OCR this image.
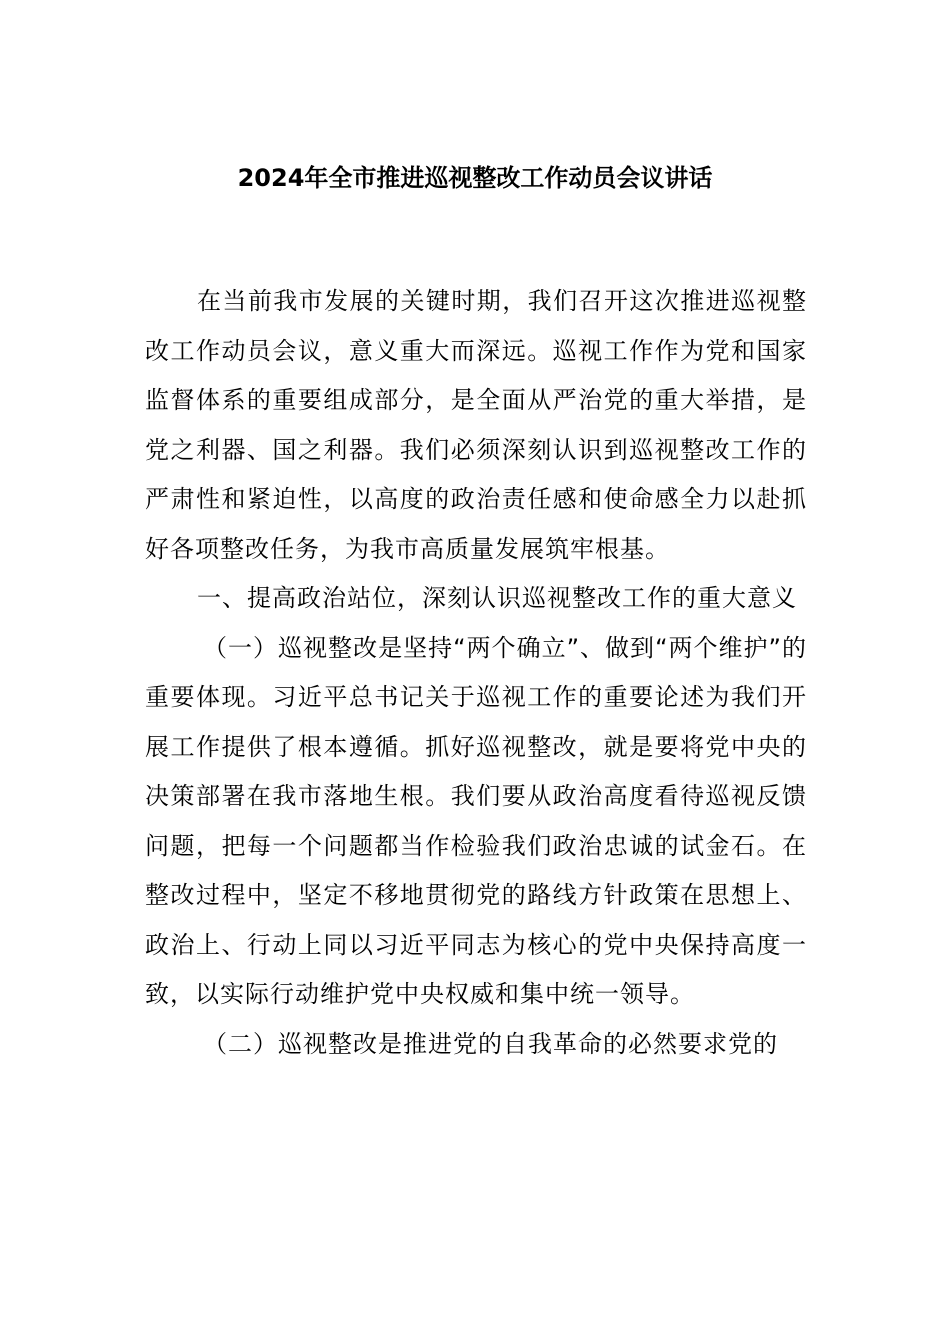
2024年全市推进巡视整改工作动员会议讲话

在当前我市发展的关键时期，我们召开这次推进巡视整改工作动员会议，意义重大而深远。巡视工作作为党和国家监督体系的重要组成部分，是全面从严治党的重大举措，是党之利器、国之利器。我们必须深刻认识到巡视整改工作的严肃性和紧迫性，以高度的政治责任感和使命感全力以赴抓好各项整改任务，为我市高质量发展筑牢根基。

一、提高政治站位，深刻认识巡视整改工作的重大意义

（一）巡视整改是坚持“两个确立”、做到“两个维护”的重要体现。习近平总书记关于巡视工作的重要论述为我们开展工作提供了根本遵循。抓好巡视整改，就是要将党中央的决策部署在我市落地生根。我们要从政治高度看待巡视反馈问题，把每一个问题都当作检验我们政治忠诚的试金石。在整改过程中，坚定不移地贯彻党的路线方针政策在思想上、政治上、行动上同以习近平同志为核心的党中央保持高度一致，以实际行动维护党中央权威和集中统一领导。

（二）巡视整改是推进党的自我革命的必然要求党的
